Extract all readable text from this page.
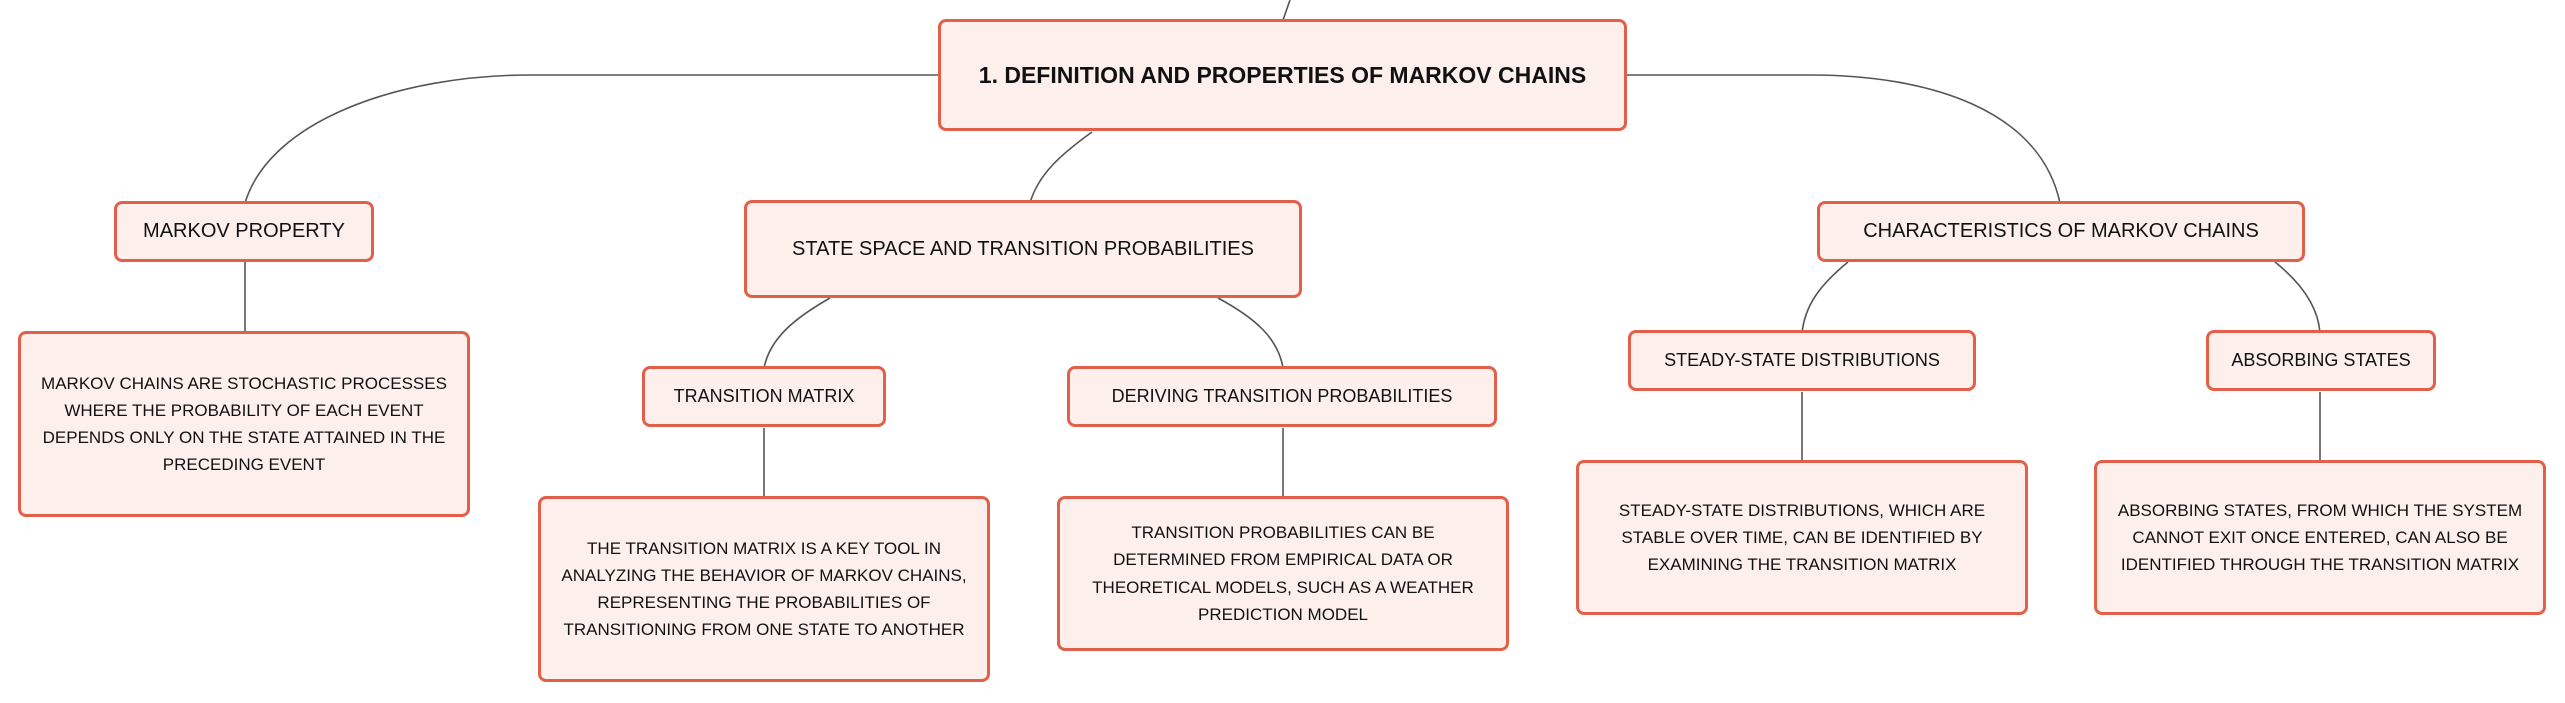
1. DEFINITION AND PROPERTIES OF MARKOV CHAINS
MARKOV PROPERTY
MARKOV CHAINS ARE STOCHASTIC PROCESSES WHERE THE PROBABILITY OF EACH EVENT DEPENDS ONLY ON THE STATE ATTAINED IN THE PRECEDING EVENT
STATE SPACE AND TRANSITION PROBABILITIES
TRANSITION MATRIX
THE TRANSITION MATRIX IS A KEY TOOL IN ANALYZING THE BEHAVIOR OF MARKOV CHAINS, REPRESENTING THE PROBABILITIES OF TRANSITIONING FROM ONE STATE TO ANOTHER
DERIVING TRANSITION PROBABILITIES
TRANSITION PROBABILITIES CAN BE DETERMINED FROM EMPIRICAL DATA OR THEORETICAL MODELS, SUCH AS A WEATHER PREDICTION MODEL
CHARACTERISTICS OF MARKOV CHAINS
STEADY-STATE DISTRIBUTIONS
STEADY-STATE DISTRIBUTIONS, WHICH ARE STABLE OVER TIME, CAN BE IDENTIFIED BY EXAMINING THE TRANSITION MATRIX
ABSORBING STATES
ABSORBING STATES, FROM WHICH THE SYSTEM CANNOT EXIT ONCE ENTERED, CAN ALSO BE IDENTIFIED THROUGH THE TRANSITION MATRIX
